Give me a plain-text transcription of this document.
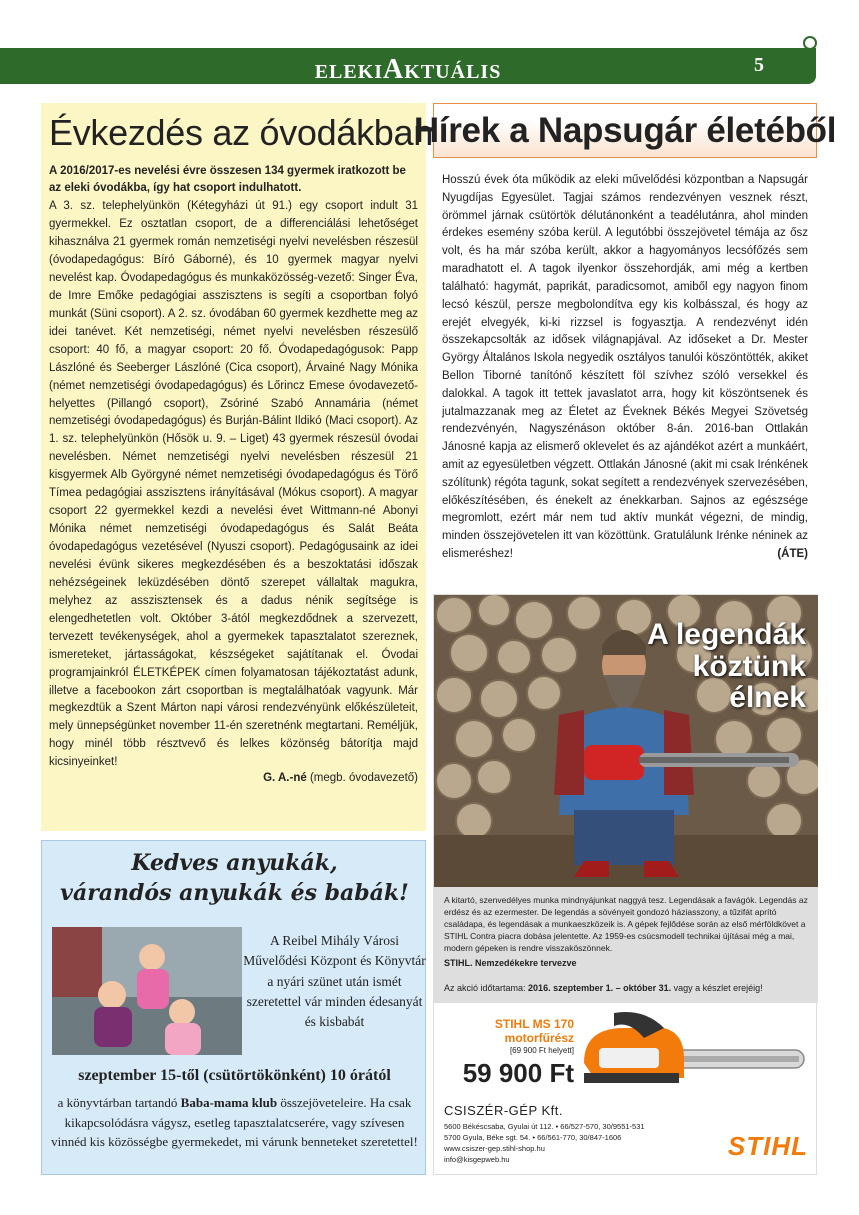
ELEKIAKTUÁLIS	5
Évkezdés az óvodákban

A 2016/2017-es nevelési évre összesen 134 gyermek iratkozott be az eleki óvodákba, így hat csoport indulhatott.

A 3. sz. telephelyünkön (Kétegyházi út 91.) egy csoport indult 31 gyermekkel. Ez osztatlan csoport, de a differenciálási lehetőséget kihasználva 21 gyermek román nemzetiségi nyelvi nevelésben részesül (óvodapedagógus: Bíró Gáborné), és 10 gyermek magyar nyelvi nevelést kap. Óvodapedagógus és munkaközösség-vezető: Singer Éva, de Imre Emőke pedagógiai asszisztens is segíti a csoportban folyó munkát (Süni csoport). A 2. sz. óvodában 60 gyermek kezdhette meg az idei tanévet. Két nemzetiségi, német nyelvi nevelésben részesülő csoport: 40 fő, a magyar csoport: 20 fő. Óvodapedagógusok: Papp Lászlóné és Seeberger Lászlóné (Cica csoport), Árvainé Nagy Mónika (német nemzetiségi óvodapedagógus) és Lőrincz Emese óvodavezető-helyettes (Pillangó csoport), Zsóriné Szabó Annamária (német nemzetiségi óvodapedagógus) és Burján-Bálint Ildikó (Maci csoport). Az 1. sz. telephelyünkön (Hősök u. 9. – Liget) 43 gyermek részesül óvodai nevelésben. Német nemzetiségi nyelvi nevelésben részesül 21 kisgyermek Alb Györgyné német nemzetiségi óvodapedagógus és Törő Tímea pedagógiai asszisztens irányításával (Mókus csoport). A magyar csoport 22 gyermekkel kezdi a nevelési évet Wittmann-né Abonyi Mónika német nemzetiségi óvodapedagógus és Salát Beáta óvodapedagógus vezetésével (Nyuszi csoport). Pedagógusaink az idei nevelési évünk sikeres megkezdésében és a beszoktatási időszak nehézségeinek leküzdésében döntő szerepet vállaltak magukra, melyhez az asszisztensek és a dadus nénik segítsége is elengedhetetlen volt. Október 3-ától megkezdődnek a szervezett, tervezett tevékenységek, ahol a gyermekek tapasztalatot szereznek, ismereteket, jártasságokat, készségeket sajátítanak el. Óvodai programjainkról ÉLETKÉPEK címen folyamatosan tájékoztatást adunk, illetve a facebookon zárt csoportban is megtalálhatóak vagyunk. Már megkezdtük a Szent Márton napi városi rendezvényünk előkészületeit, mely ünnepségünket november 11-én szeretnénk megtartani. Reméljük, hogy minél több résztvevő és lelkes közönség bátorítja majd kicsinyeinket!

G. A.-né (megb. óvodavezető)

Hírek a Napsugár életéből

Hosszú évek óta működik az eleki művelődési központban a Napsugár Nyugdíjas Egyesület. Tagjai számos rendezvényen vesznek részt, örömmel járnak csütörtök délutánonként a teadélutánra, ahol minden érdekes esemény szóba kerül. A legutóbbi összejövetel témája az ősz volt, és ha már szóba került, akkor a hagyományos lecsófőzés sem maradhatott el. A tagok ilyenkor összehordják, ami még a kertben található: hagymát, paprikát, paradicsomot, amiből egy nagyon finom lecsó készül, persze megbolondítva egy kis kolbásszal, és hogy az erejét elvegyék, ki-ki rizzsel is fogyasztja. A rendezvényt idén összekapcsolták az idősek világnapjával. Az időseket a Dr. Mester György Általános Iskola negyedik osztályos tanulói köszöntötték, akiket Bellon Tiborné tanítónő készített föl szívhez szóló versekkel és dalokkal. A tagok itt tettek javaslatot arra, hogy kit köszöntsenek és jutalmazzanak meg az Életet az Éveknek Békés Megyei Szövetség rendezvényén, Nagyszénáson október 8-án. 2016-ban Ottlakán Jánosné kapja az elismerő oklevelet és az ajándékot azért a munkáért, amit az egyesületben végzett. Ottlakán Jánosné (akit mi csak Irénkének szólítunk) régóta tagunk, sokat segített a rendezvények szervezésében, előkészítésében, és énekelt az énekkarban. Sajnos az egészsége megromlott, ezért már nem tud aktív munkát végezni, de mindig, minden összejövetelen itt van közöttünk. Gratulálunk Irénke néninek az elismeréshez!	(ÁTE)

A legendák
köztünk
élnek

A kitartó, szenvedélyes munka mindnyájunkat naggyá tesz. Legendásak a favágók. Legendás az erdész és az ezermester. De legendás a sövényeit gondozó háziasszony, a tűzifát aprító családapa, és legendásak a munkaeszközeik is. A gépek fejlődése során az első mérföldkövet a STIHL Contra piacra dobása jelentette. Az 1959-es csúcsmodell technikai újításai még a mai, modern gépeken is rendre visszaköszönnek.

STIHL. Nemzedékekre tervezve

Az akció időtartama: 2016. szeptember 1. – október 31. vagy a készlet erejéig!

STIHL MS 170
motorfűrész
[69 900 Ft helyett]
59 900 Ft
CSISZÉR-GÉP Kft.
5600 Békéscsaba, Gyulai út 112. • 66/527-570, 30/9551-531
5700 Gyula, Béke sgt. 54. • 66/561-770, 30/847-1606
www.csiszer-gep.stihl-shop.hu
info@kisgepweb.hu	STIHL
Kedves anyukák,
várandós anyukák és babák!
A Reibel Mihály Városi Művelődési Központ és Könyvtár a nyári szünet után ismét szeretettel vár minden édesanyát és kisbabát
szeptember 15-től (csütörtökönként) 10 órától
a könyvtárban tartandó Baba-mama klub összejöveteleire. Ha csak kikapcsolódásra vágysz, esetleg tapasztalatcserére, vagy szívesen vinnéd kis közösségbe gyermekedet, mi várunk benneteket szeretettel!
